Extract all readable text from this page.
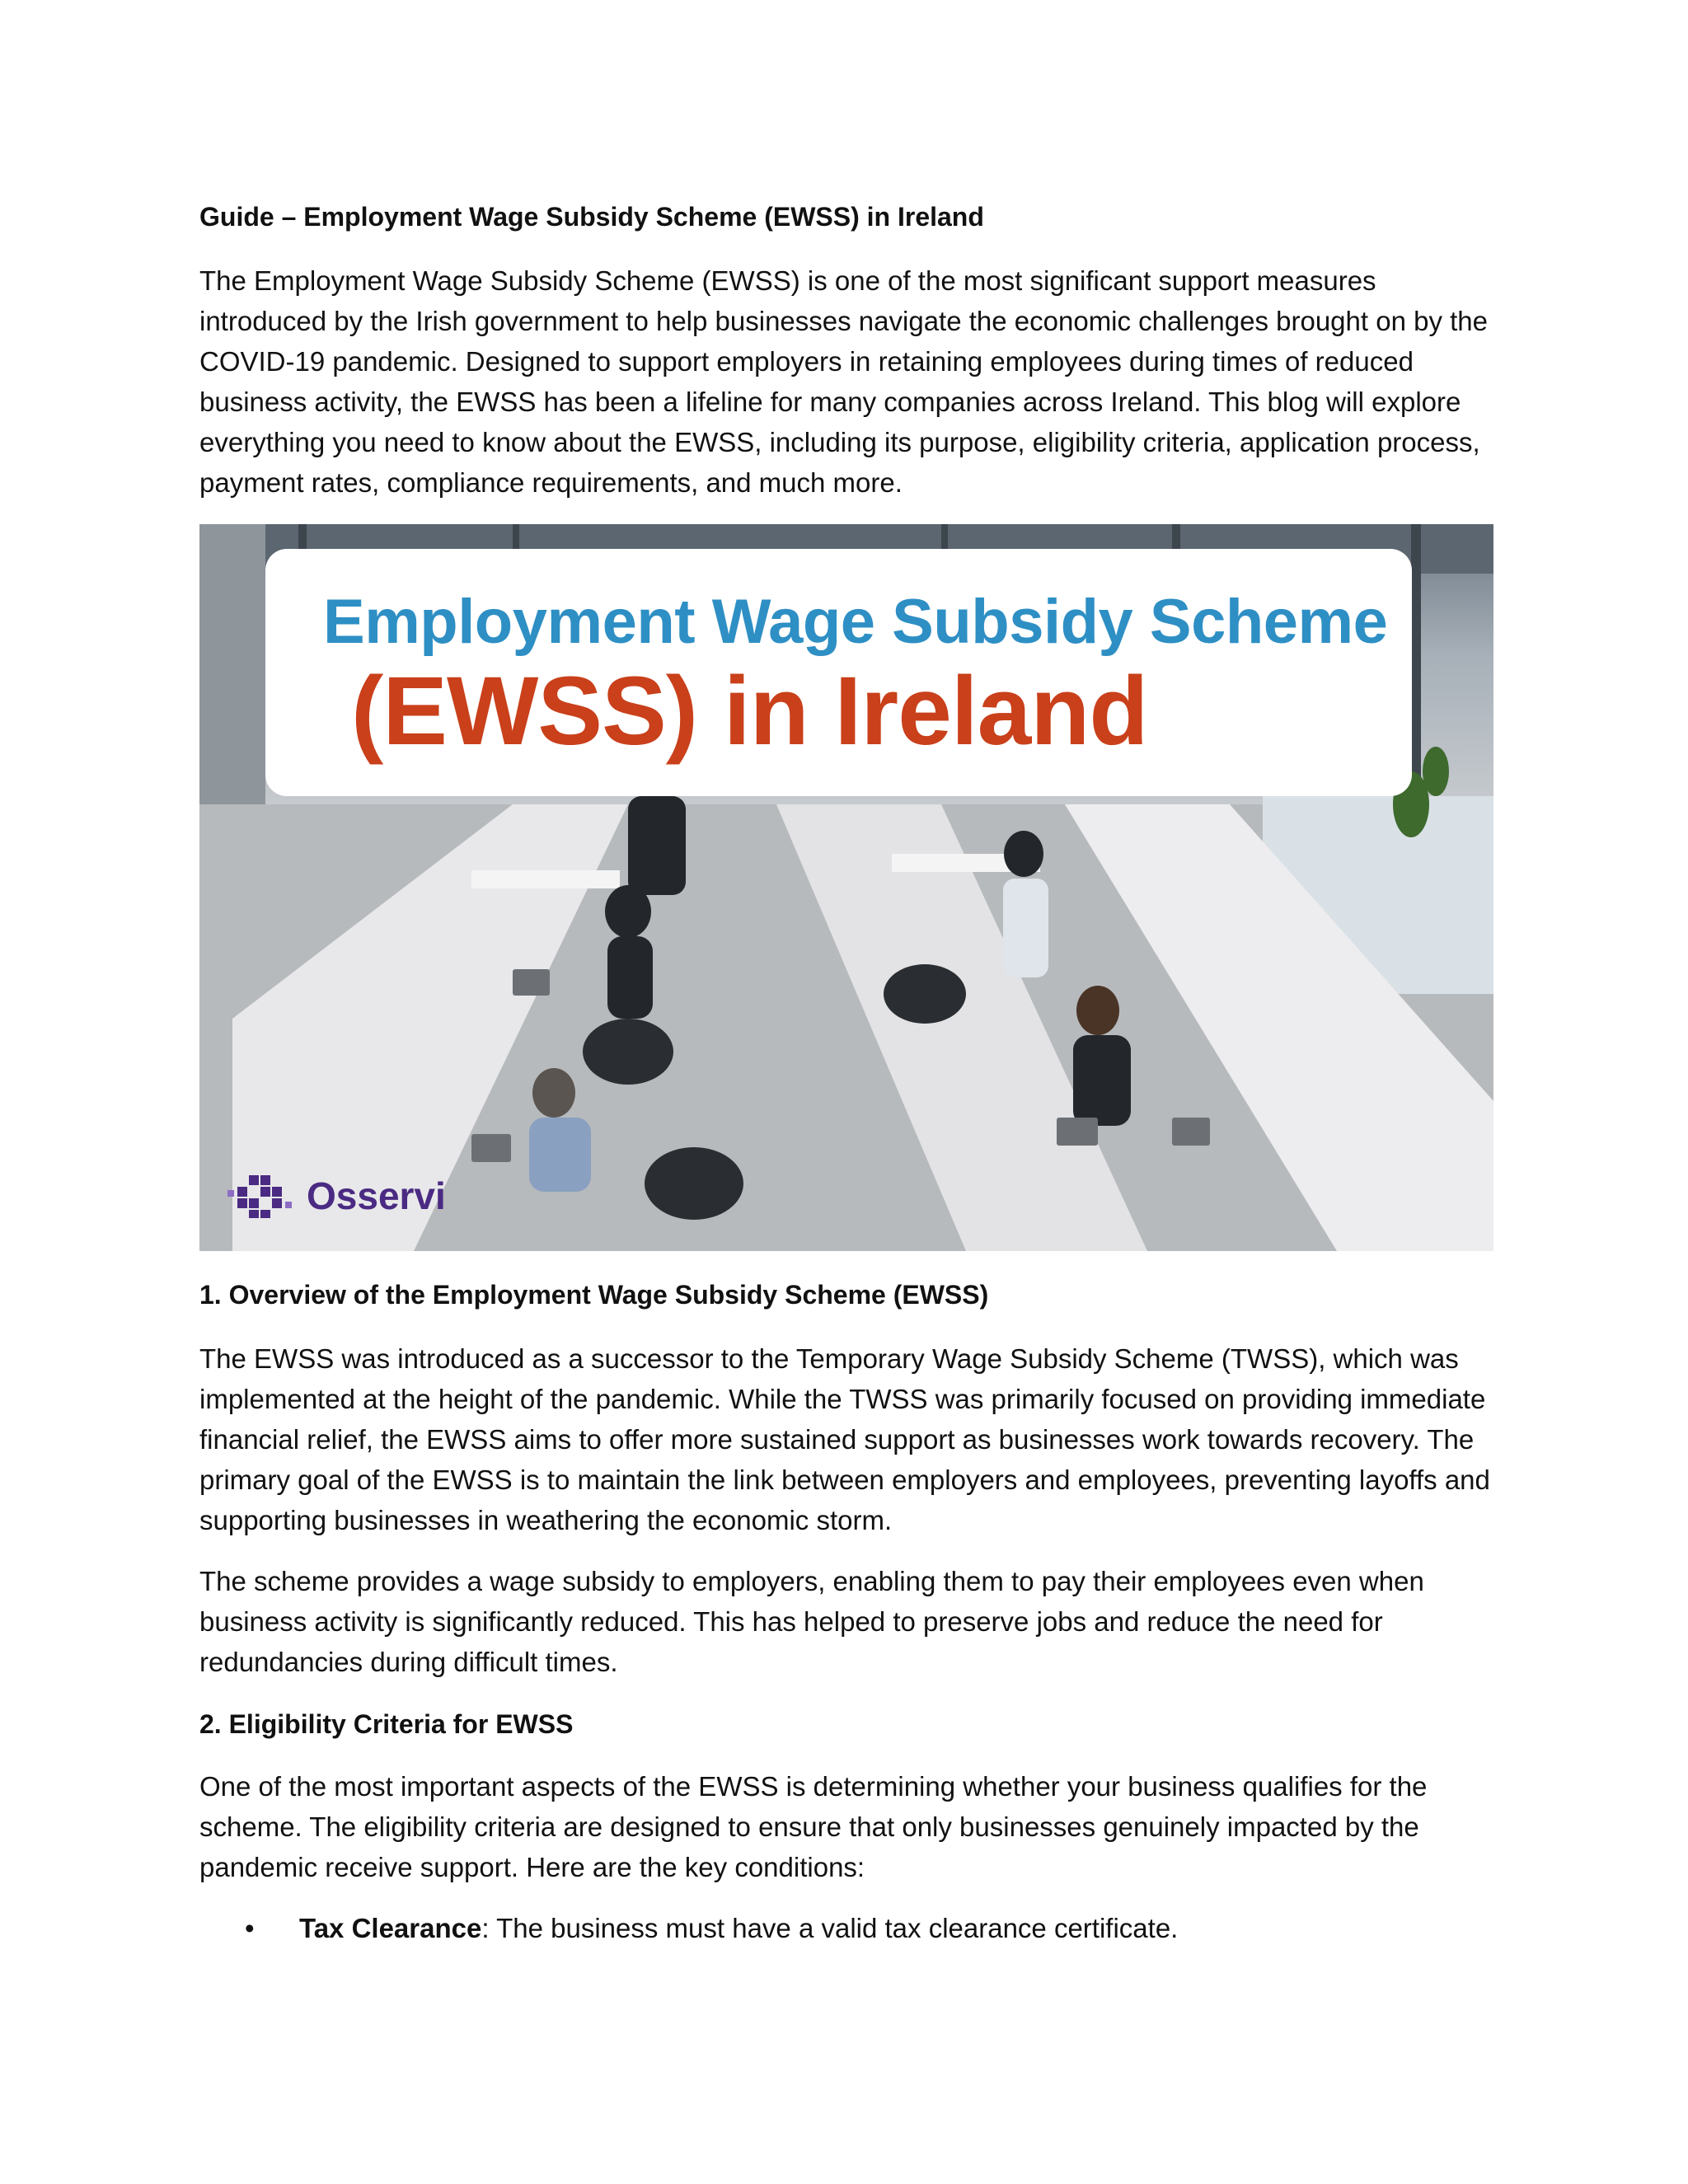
Guide – Employment Wage Subsidy Scheme (EWSS) in Ireland

The Employment Wage Subsidy Scheme (EWSS) is one of the most significant support measures introduced by the Irish government to help businesses navigate the economic challenges brought on by the COVID-19 pandemic. Designed to support employers in retaining employees during times of reduced business activity, the EWSS has been a lifeline for many companies across Ireland. This blog will explore everything you need to know about the EWSS, including its purpose, eligibility criteria, application process, payment rates, compliance requirements, and much more.

1. Overview of the Employment Wage Subsidy Scheme (EWSS)

The EWSS was introduced as a successor to the Temporary Wage Subsidy Scheme (TWSS), which was implemented at the height of the pandemic. While the TWSS was primarily focused on providing immediate financial relief, the EWSS aims to offer more sustained support as businesses work towards recovery. The primary goal of the EWSS is to maintain the link between employers and employees, preventing layoffs and supporting businesses in weathering the economic storm.

The scheme provides a wage subsidy to employers, enabling them to pay their employees even when business activity is significantly reduced. This has helped to preserve jobs and reduce the need for redundancies during difficult times.

2. Eligibility Criteria for EWSS

One of the most important aspects of the EWSS is determining whether your business qualifies for the scheme. The eligibility criteria are designed to ensure that only businesses genuinely impacted by the pandemic receive support. Here are the key conditions:

• Tax Clearance: The business must have a valid tax clearance certificate.
Employment Wage Subsidy Scheme
(EWSS) in Ireland
Osservi
